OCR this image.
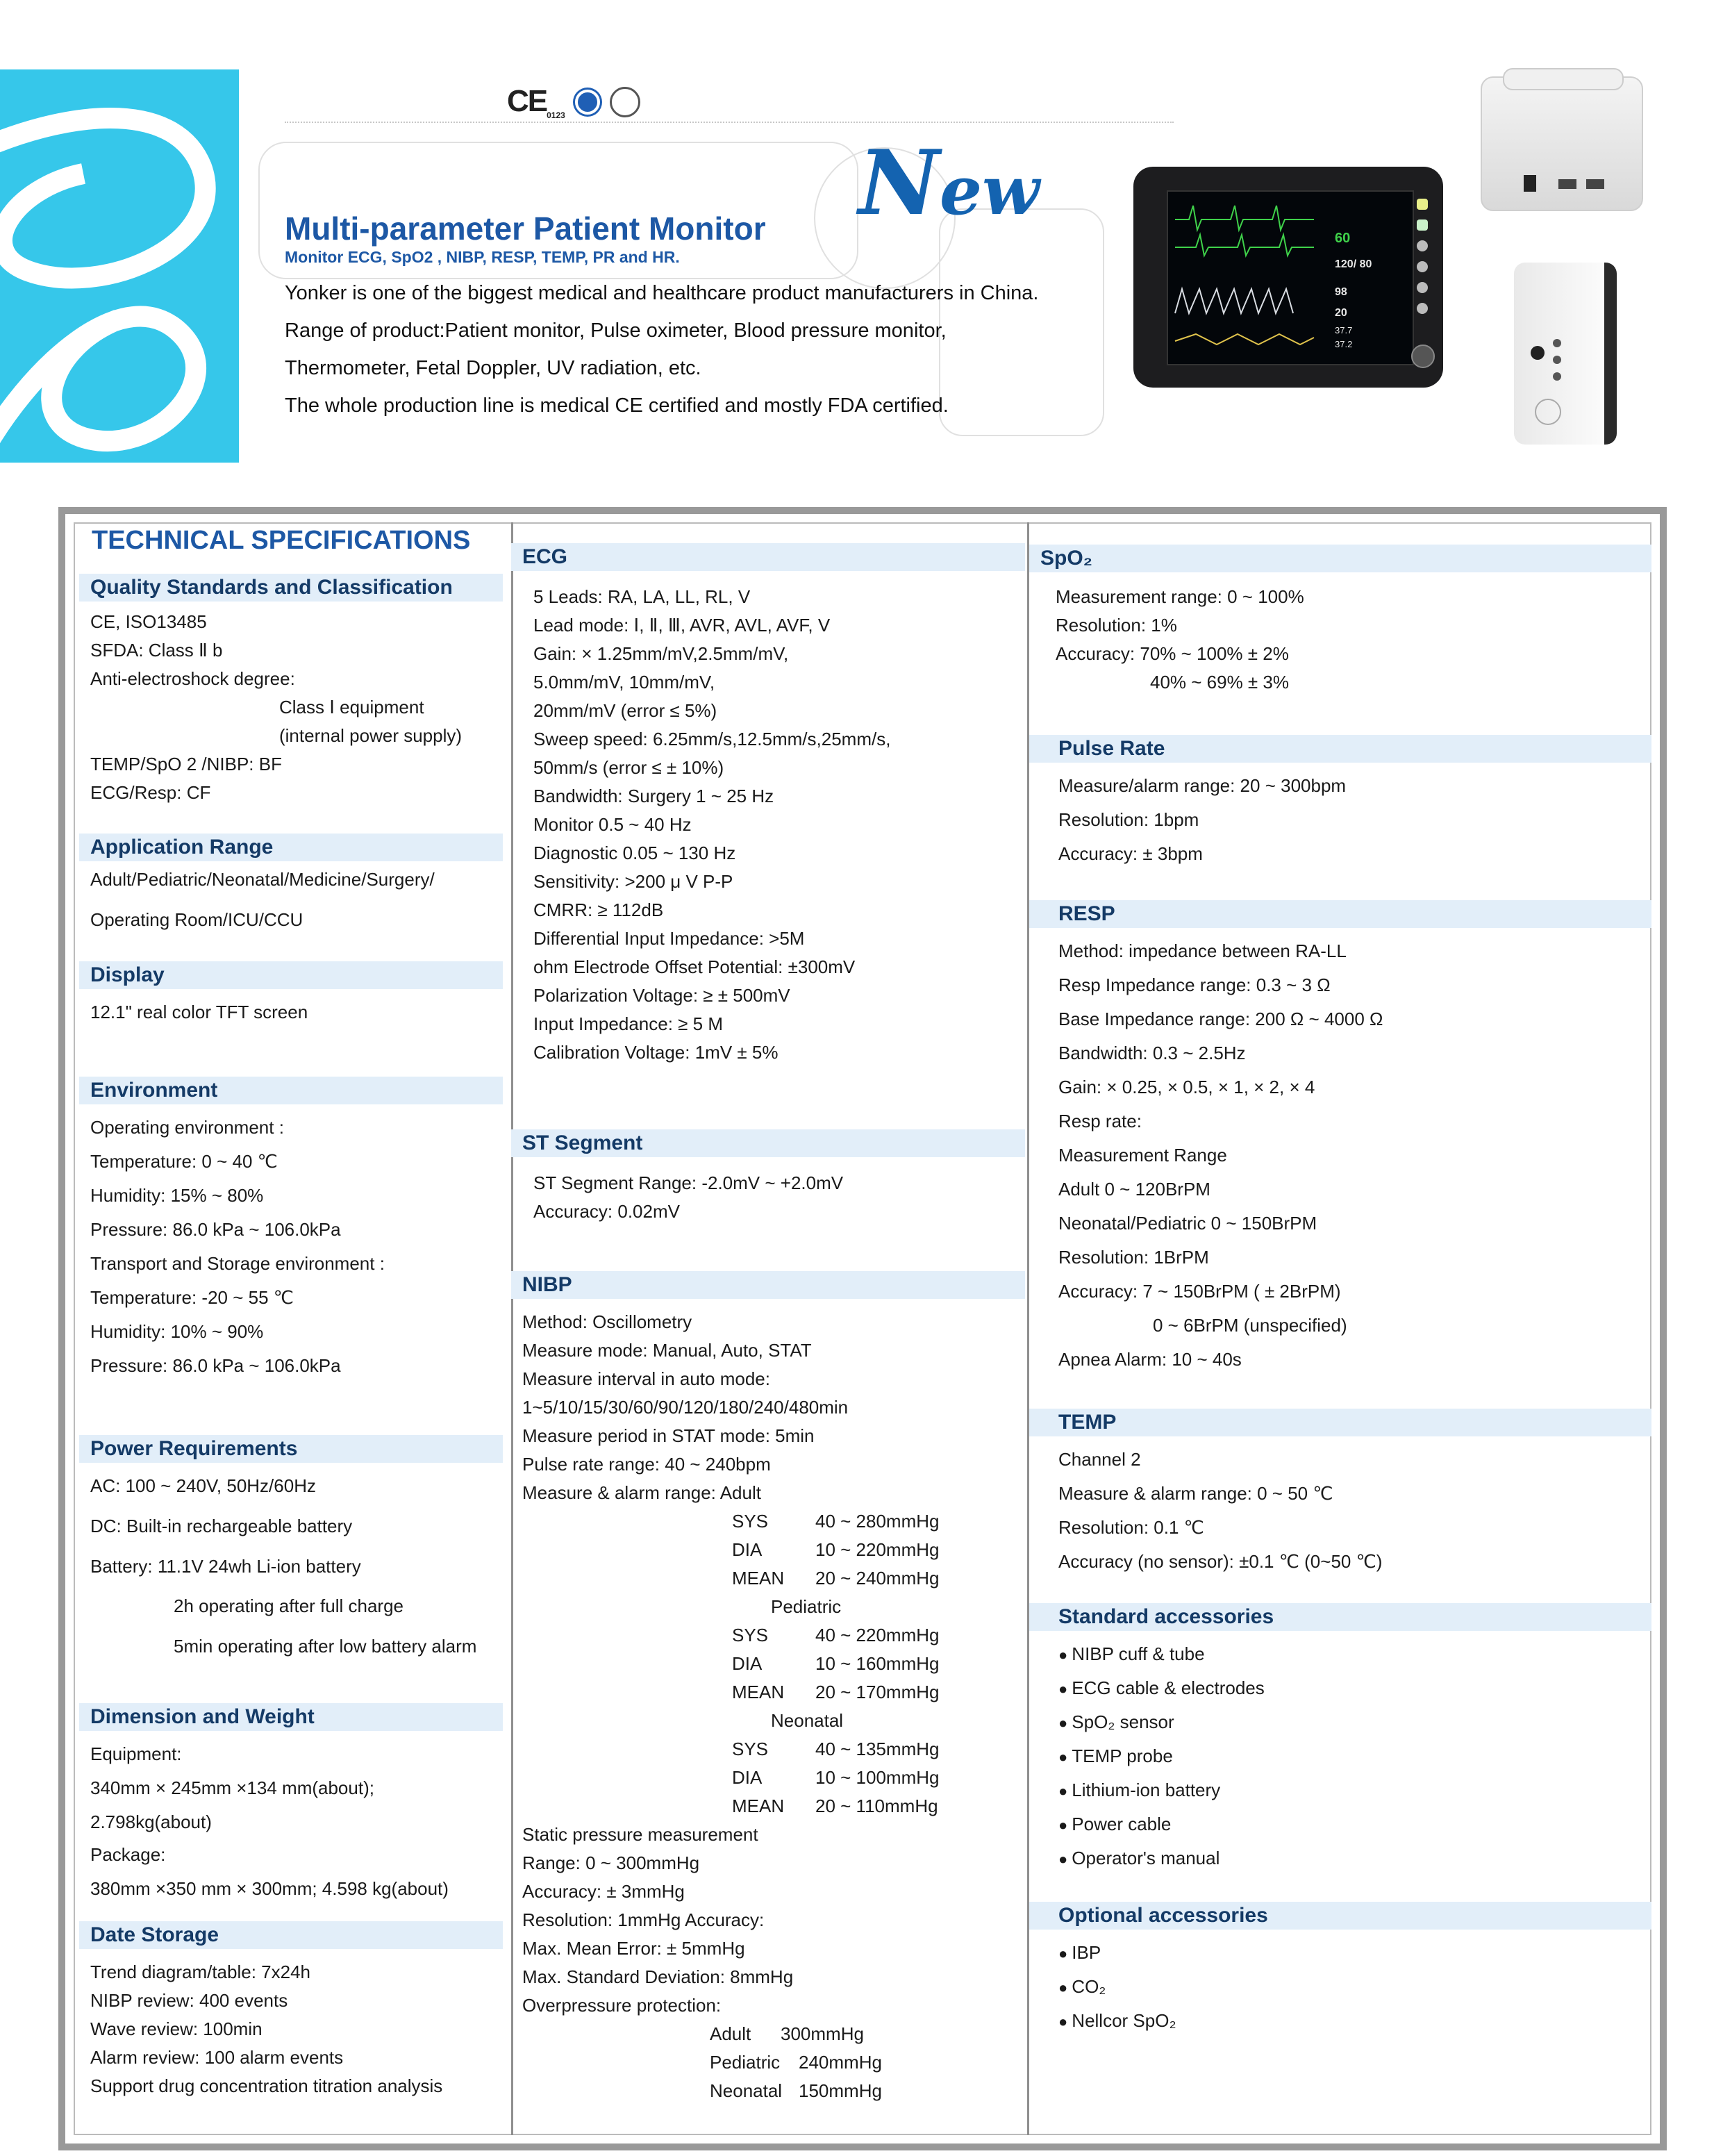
$CE_{0123}$
New
Multi-parameter Patient Monitor
Monitor ECG, SpO2 , NIBP, RESP, TEMP, PR and HR.
Yonker is one of the biggest medical and healthcare product manufacturers in China.
Range of product:Patient monitor, Pulse oximeter, Blood pressure monitor,
Thermometer, Fetal Doppler, UV radiation, etc.
The whole production line is medical CE certified and mostly FDA certified.
60
120/ 80
98
20
37.7
37.2
TECHNICAL SPECIFICATIONS
Quality Standards and Classification
CE, ISO13485
SFDA: Class Ⅱ b
Anti-electroshock degree:
Class Ⅰ equipment
(internal power supply)
TEMP/SpO 2 /NIBP: BF
ECG/Resp: CF
Application Range
Adult/Pediatric/Neonatal/Medicine/Surgery/
Operating Room/ICU/CCU
Display
12.1" real color TFT screen
Environment
Operating environment :
Temperature: 0 ~ 40 ℃
Humidity: 15% ~ 80%
Pressure: 86.0 kPa ~ 106.0kPa
Transport and Storage environment :
Temperature: -20 ~ 55 ℃
Humidity: 10% ~ 90%
Pressure: 86.0 kPa ~ 106.0kPa
Power Requirements
AC: 100 ~ 240V, 50Hz/60Hz
DC: Built-in rechargeable battery
Battery: 11.1V 24wh Li-ion battery
2h operating after full charge
5min operating after low battery alarm
Dimension and Weight
Equipment:
340mm × 245mm ×134 mm(about);
2.798kg(about)
Package:
380mm ×350 mm × 300mm; 4.598 kg(about)
Date Storage
Trend diagram/table: 7x24h
NIBP review: 400 events
Wave review: 100min
Alarm review: 100 alarm events
Support drug concentration titration analysis
ECG
5 Leads: RA, LA, LL, RL, V
Lead mode: Ⅰ, Ⅱ, Ⅲ, AVR, AVL, AVF, V
Gain: × 1.25mm/mV,2.5mm/mV,
5.0mm/mV, 10mm/mV,
20mm/mV (error ≤ 5%)
Sweep speed: 6.25mm/s,12.5mm/s,25mm/s,
50mm/s (error ≤ ± 10%)
Bandwidth: Surgery 1 ~ 25 Hz
Monitor 0.5 ~ 40 Hz
Diagnostic 0.05 ~ 130 Hz
Sensitivity: >200 μ V P-P
CMRR: ≥ 112dB
Differential Input Impedance: >5M
ohm Electrode Offset Potential: ±300mV
Polarization Voltage: ≥ ± 500mV
Input Impedance: ≥ 5 M
Calibration Voltage: 1mV ± 5%
ST Segment
ST Segment Range: -2.0mV ~ +2.0mV
Accuracy: 0.02mV
NIBP
Method: Oscillometry
Measure mode: Manual, Auto, STAT
Measure interval in auto mode:
1~5/10/15/30/60/90/120/180/240/480min
Measure period in STAT mode: 5min
Pulse rate range: 40 ~ 240bpm
Measure & alarm range: Adult
SYS	40 ~ 280mmHg
DIA	10 ~ 220mmHg
MEAN 20 ~ 240mmHg
Pediatric
SYS	40 ~ 220mmHg
DIA	10 ~ 160mmHg
MEAN 20 ~ 170mmHg
Neonatal
SYS	40 ~ 135mmHg
DIA	10 ~ 100mmHg
MEAN 20 ~ 110mmHg
Static pressure measurement
Range: 0 ~ 300mmHg
Accuracy: ± 3mmHg
Resolution: 1mmHg Accuracy:
Max. Mean Error: ± 5mmHg
Max. Standard Deviation: 8mmHg
Overpressure protection:
Adult 300mmHg
Pediatric 240mmHg
Neonatal 150mmHg
SpO₂
Measurement range: 0 ~ 100%
Resolution: 1%
Accuracy: 70% ~ 100% ± 2%
40% ~ 69% ± 3%
Pulse Rate
Measure/alarm range: 20 ~ 300bpm
Resolution: 1bpm
Accuracy: ± 3bpm
RESP
Method: impedance between RA-LL
Resp Impedance range: 0.3 ~ 3 Ω
Base Impedance range: 200 Ω ~ 4000 Ω
Bandwidth: 0.3 ~ 2.5Hz
Gain: × 0.25, × 0.5, × 1, × 2, × 4
Resp rate:
Measurement Range
Adult 0 ~ 120BrPM
Neonatal/Pediatric 0 ~ 150BrPM
Resolution: 1BrPM
Accuracy: 7 ~ 150BrPM ( ± 2BrPM)
0 ~ 6BrPM (unspecified)
Apnea Alarm: 10 ~ 40s
TEMP
Channel 2
Measure & alarm range: 0 ~ 50 ℃
Resolution: 0.1 ℃
Accuracy (no sensor): ±0.1 ℃ (0~50 ℃)
Standard accessories
● NIBP cuff & tube
● ECG cable & electrodes
● SpO₂ sensor
● TEMP probe
● Lithium-ion battery
● Power cable
● Operator's manual
Optional accessories
● IBP
● CO₂
● Nellcor SpO₂
